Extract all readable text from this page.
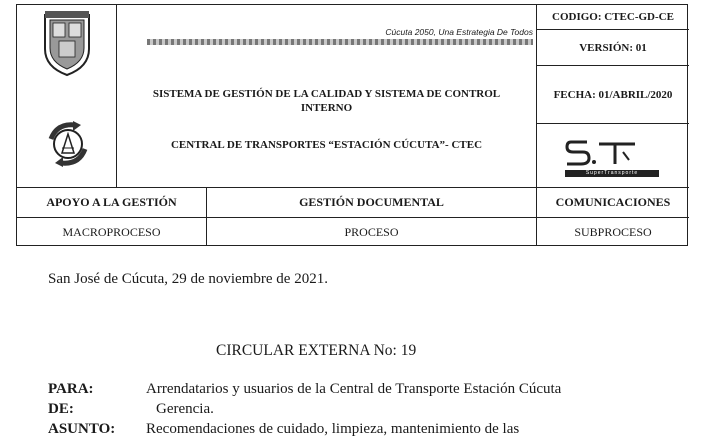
Cúcuta 2050, Una Estrategia De Todos
SISTEMA DE GESTIÓN DE LA CALIDAD Y SISTEMA DE CONTROL INTERNO
CENTRAL DE TRANSPORTES “ESTACIÓN CÚCUTA”- CTEC
CODIGO: CTEC-GD-CE
VERSIÓN: 01
FECHA: 01/ABRIL/2020
SuperTransporte
APOYO A LA GESTIÓN	GESTIÓN DOCUMENTAL	COMUNICACIONES
MACROPROCESO	PROCESO	SUBPROCESO
San José de Cúcuta, 29 de noviembre de 2021.
CIRCULAR EXTERNA No: 19
PARA:	Arrendatarios y usuarios de la Central de Transporte Estación Cúcuta
DE:	Gerencia.
ASUNTO: Recomendaciones de cuidado, limpieza, mantenimiento de las
